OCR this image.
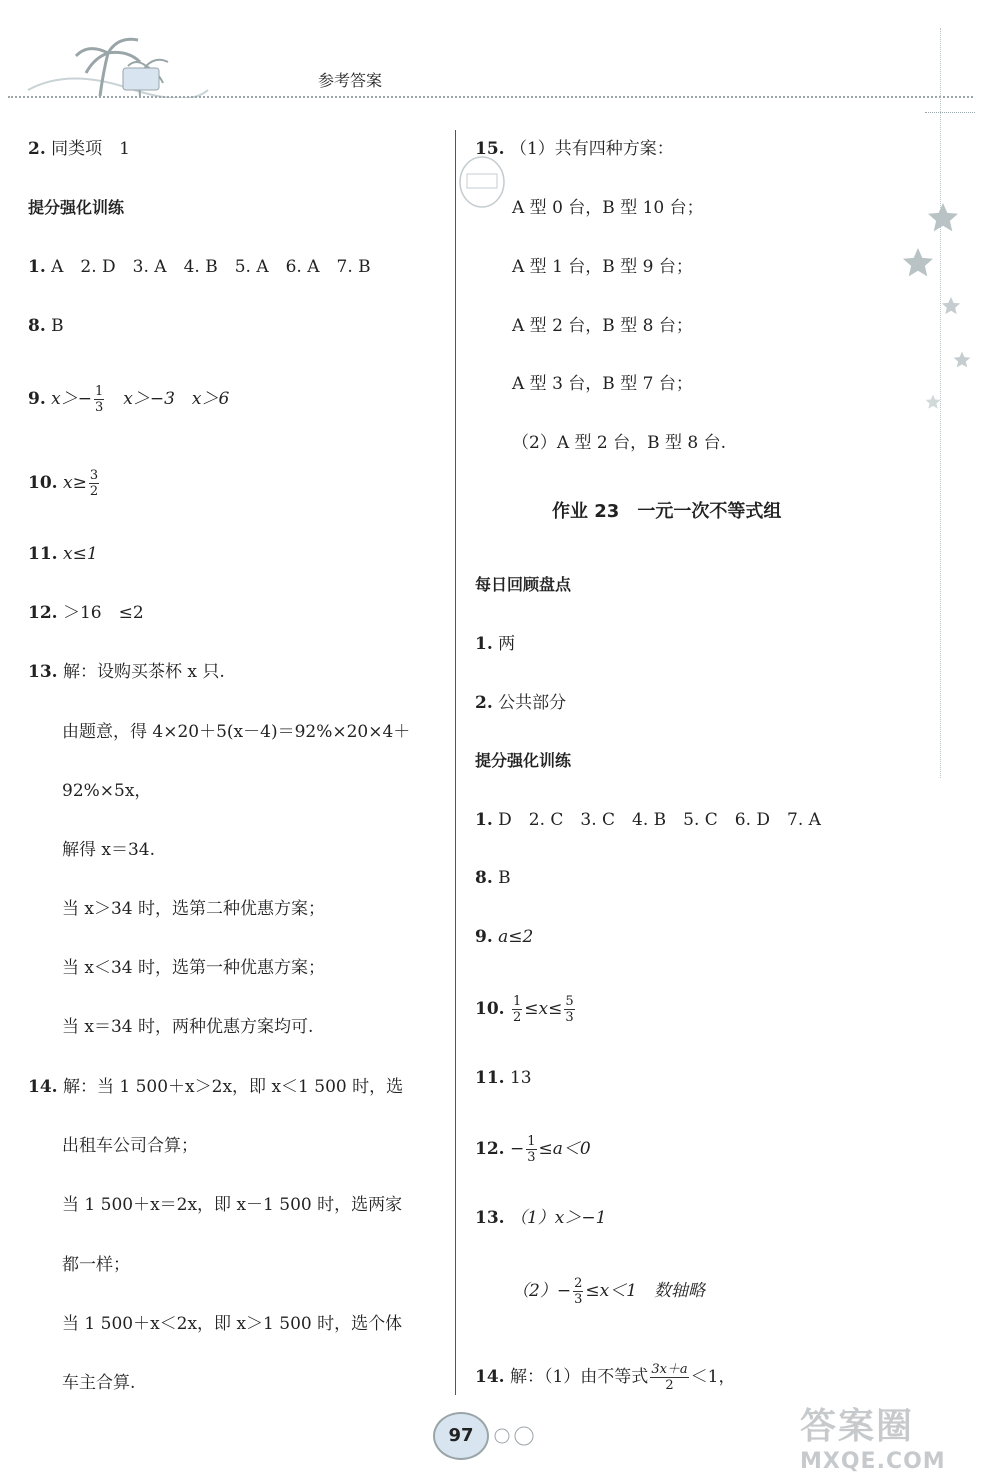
参考答案
2. 同类项　1
提分强化训练
1. A　2. D　3. A　4. B　5. A　6. A　7. B
8. B
9. $x>- \frac{1}{3}$ 　x＞−3　x＞6
10. $x\ge \frac{3}{2}$
11. x≤1
12. ＞16　≤2
13. 解：设购买茶杯 x 只.
由题意，得 4×20＋5(x－4)＝92%×20×4＋
92%×5x，
解得 x＝34.
当 x＞34 时，选第二种优惠方案；
当 x＜34 时，选第一种优惠方案；
当 x＝34 时，两种优惠方案均可.
14. 解：当 1 500＋x＞2x，即 x＜1 500 时，选
出租车公司合算；
当 1 500＋x＝2x，即 x－1 500 时，选两家
都一样；
当 1 500＋x＜2x，即 x＞1 500 时，选个体
车主合算.
15. （1）共有四种方案：
A 型 0 台，B 型 10 台；
A 型 1 台，B 型 9 台；
A 型 2 台，B 型 8 台；
A 型 3 台，B 型 7 台；
（2）A 型 2 台，B 型 8 台.
作业 23　一元一次不等式组
每日回顾盘点
1. 两
2. 公共部分
提分强化训练
1. D　2. C　3. C　4. B　5. C　6. D　7. A
8. B
9. a≤2
10. $\frac{1}{2} \le x\le \frac{5}{3}$
11. 13
12. − $\frac{1}{3} \le a<0$
13. （1）x＞−1
$(2)- \frac{2}{3} \le x<1$　数轴略
14. 解：（1）由不等式 $\frac{3x+a}{2} <1$，
97	答案圈
MXQE.COM
